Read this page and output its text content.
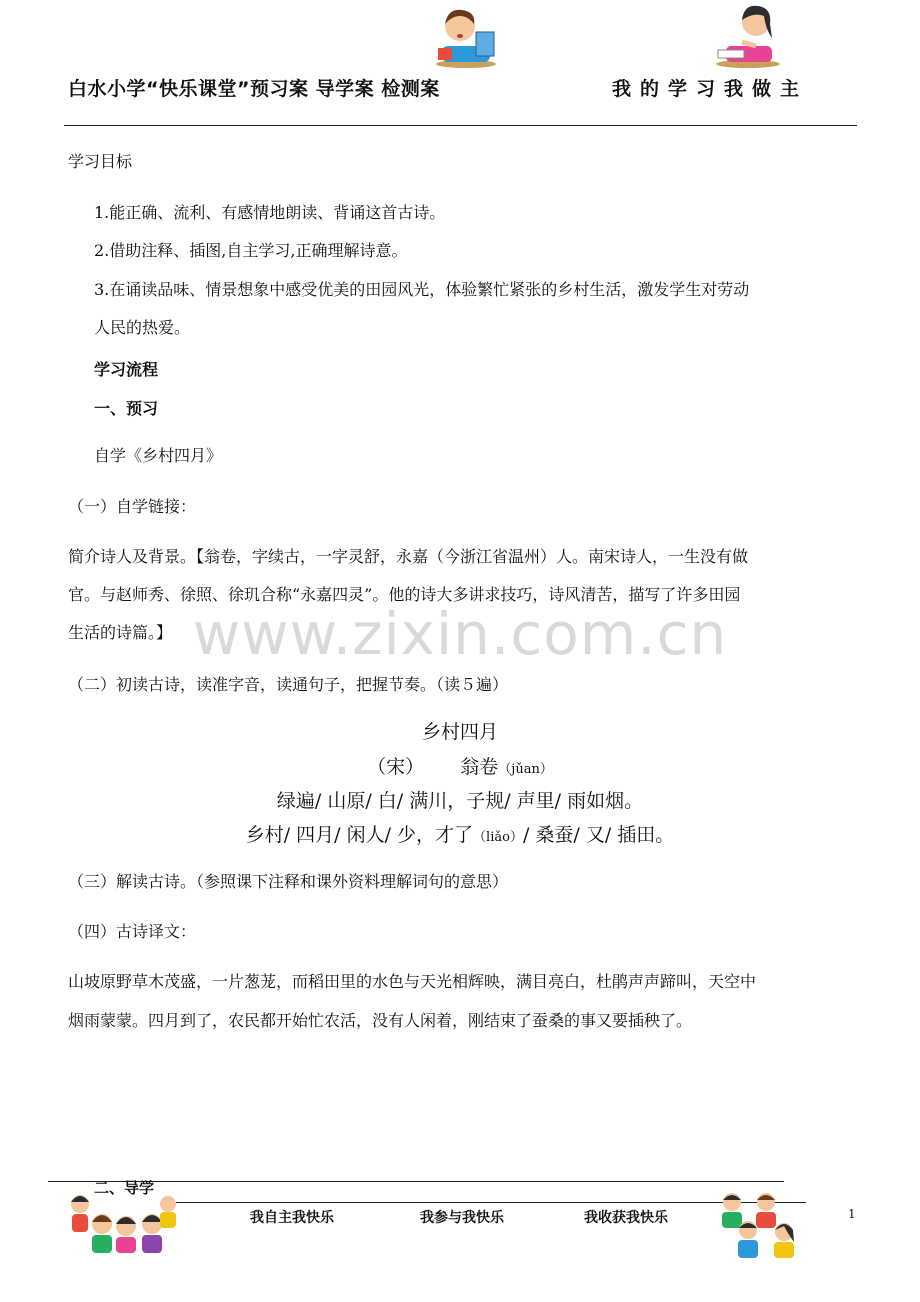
白水小学“快乐课堂”预习案 导学案 检测案	我的学习我做主
学习目标
1.能正确、流利、有感情地朗读、背诵这首古诗。
2.借助注释、插图,自主学习,正确理解诗意。
3.在诵读品味、情景想象中感受优美的田园风光，体验繁忙紧张的乡村生活，激发学生对劳动
人民的热爱。
学习流程
一、预习
自学《乡村四月》
（一）自学链接：
简介诗人及背景。【翁卷，字续古，一字灵舒，永嘉（今浙江省温州）人。南宋诗人，一生没有做
官。与赵师秀、徐照、徐玑合称“永嘉四灵”。他的诗大多讲求技巧，诗风清苦，描写了许多田园
生活的诗篇。】 www.zixin.com.cn
（二）初读古诗，读准字音，读通句子，把握节奏。（读５遍）
乡村四月
（宋） 翁卷（jǔan）
绿遍/ 山原/ 白/ 满川，子规/ 声里/ 雨如烟。
乡村/ 四月/ 闲人/ 少，才了（liǎo）/ 桑蚕/ 又/ 插田。
（三）解读古诗。（参照课下注释和课外资料理解词句的意思）
（四）古诗译文：
山坡原野草木茂盛，一片葱茏，而稻田里的水色与天光相辉映，满目亮白，杜鹃声声蹄叫，天空中
烟雨蒙蒙。四月到了，农民都开始忙农活，没有人闲着，刚结束了蚕桑的事又要插秧了。
二、导学
我自主我快乐	我参与我快乐	我收获我快乐	1
